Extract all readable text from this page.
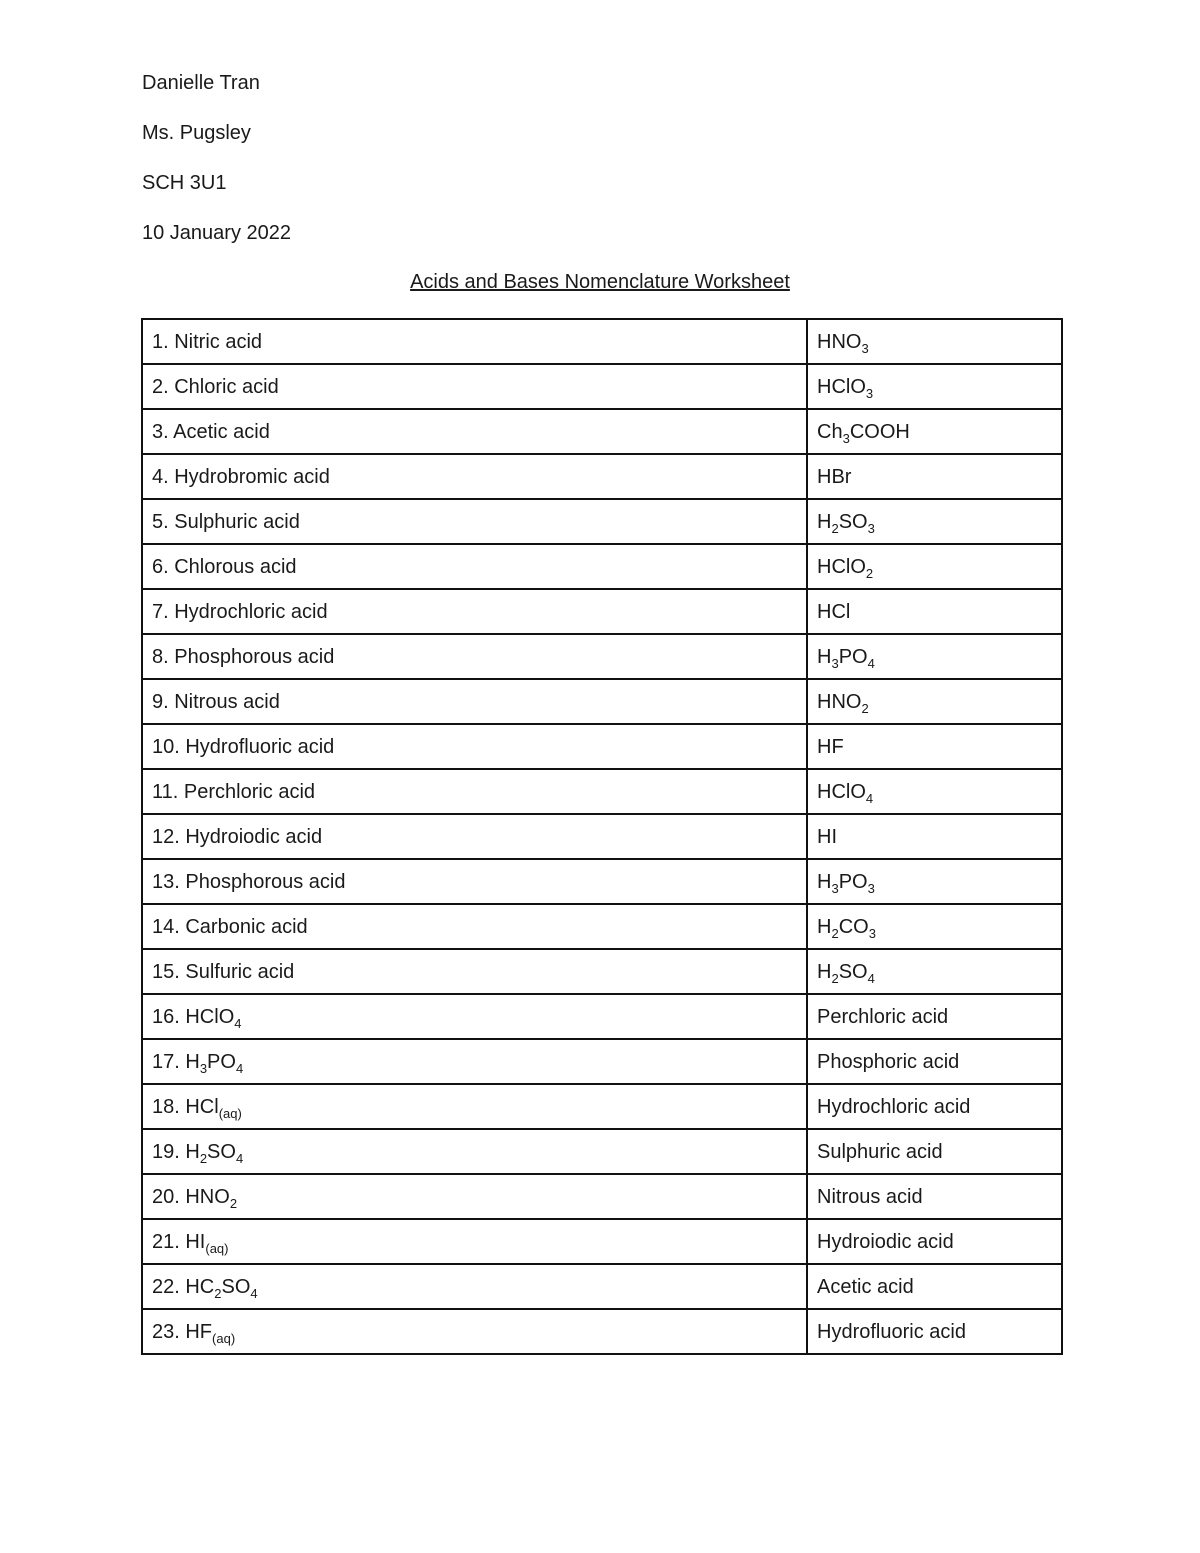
Danielle Tran

Ms. Pugsley

SCH 3U1

10 January 2022

Acids and Bases Nomenclature Worksheet

1. Nitric acid	$HNO_3$
2. Chloric acid	HClO$_3$
3. Acetic acid	$Ch_3COOH$
4. Hydrobromic acid	HBr
5. Sulphuric acid	$H_2SO_3$
6. Chlorous acid	HClO$_2$
7. Hydrochloric acid	HCl
8. Phosphorous acid	$H_3PO_4$
9. Nitrous acid	$HNO_2$
10. Hydrofluoric acid	HF
11. Perchloric acid	HClO$_4$
12. Hydroiodic acid	HI
13. Phosphorous acid	$H_3PO_3$
14. Carbonic acid	$H_2CO_3$
15. Sulfuric acid	$H_2SO_4$
16. HClO$_4$	Perchloric acid
17. $H_3PO_4$	Phosphoric acid
18. HCl$_{(aq)}$	Hydrochloric acid
19. $H_2SO_4$	Sulphuric acid
20. $HNO_2$	Nitrous acid
21. $HI_{(aq)}$	Hydroiodic acid
22. $HC_2SO_4$	Acetic acid
23. $HF_{(aq)}$	Hydrofluoric acid
